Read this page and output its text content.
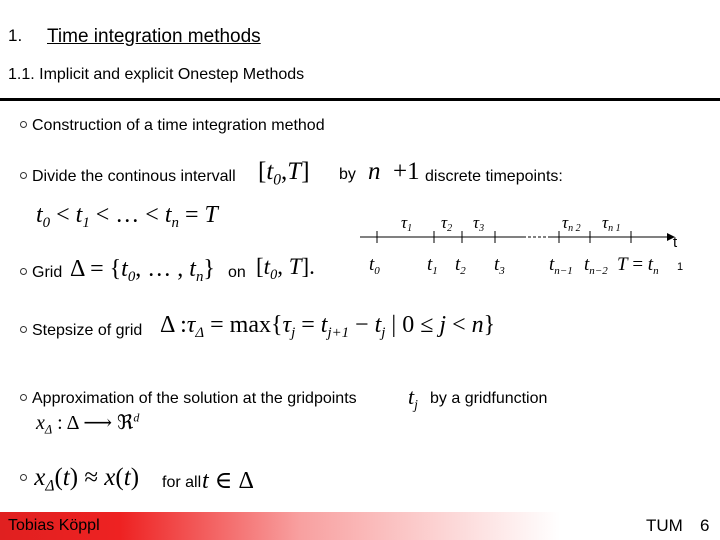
1. Time integration methods
1.1. Implicit and explicit Onestep Methods
Construction of a time integration method
Divide the continous intervall $[t_0,T]$ by n  +1 discrete timepoints:
$t_0 < t_1$ < … < $t_n = T$	τ1 τ2 τ3	τn 2 τn 1
$t_0$ $t_1$ $t_2$ $t_3$ $t_{n-1}$ $t_{n-2}$ $T = t_n$ 1
t
Grid $\Delta = \{t_0$, … , $t_n$} on [$t_0$, T].
Stepsize of grid Δ $:\tau_\Delta = \max\{\tau_j = t_{j+1} - t_j$ | 0 ≤ j < n}
Approximation of the solution at the gridpoints $t_j$ by a gridfunction
$x_\Delta$ : Δ ⟶ ℜ$^d$
$x_\Delta(t) \approx x(t)$ for all t ∈ Δ
Tobias Köppl	TUM 6
